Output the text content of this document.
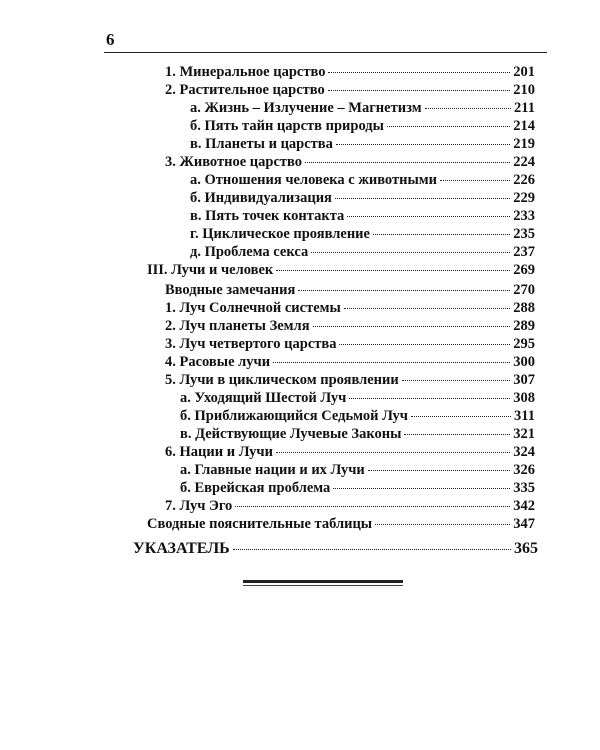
6
1. Минеральное царство	201
2. Растительное царство	210
а. Жизнь – Излучение – Магнетизм	211
б. Пять тайн царств природы	214
в. Планеты и царства	219
3. Животное царство	224
а. Отношения человека с животными	226
б. Индивидуализация	229
в. Пять точек контакта	233
г. Циклическое проявление	235
д. Проблема секса	237
III. Лучи и человек	269
Вводные замечания	270
1. Луч Солнечной системы	288
2. Луч планеты Земля	289
3. Луч четвертого царства	295
4. Расовые лучи	300
5. Лучи в циклическом проявлении	307
а. Уходящий Шестой Луч	308
б. Приближающийся Седьмой Луч	311
в. Действующие Лучевые Законы	321
6. Нации и Лучи	324
а. Главные нации и их Лучи	326
б. Еврейская проблема	335
7. Луч Эго	342
Сводные пояснительные таблицы	347
УКАЗАТЕЛЬ	365
